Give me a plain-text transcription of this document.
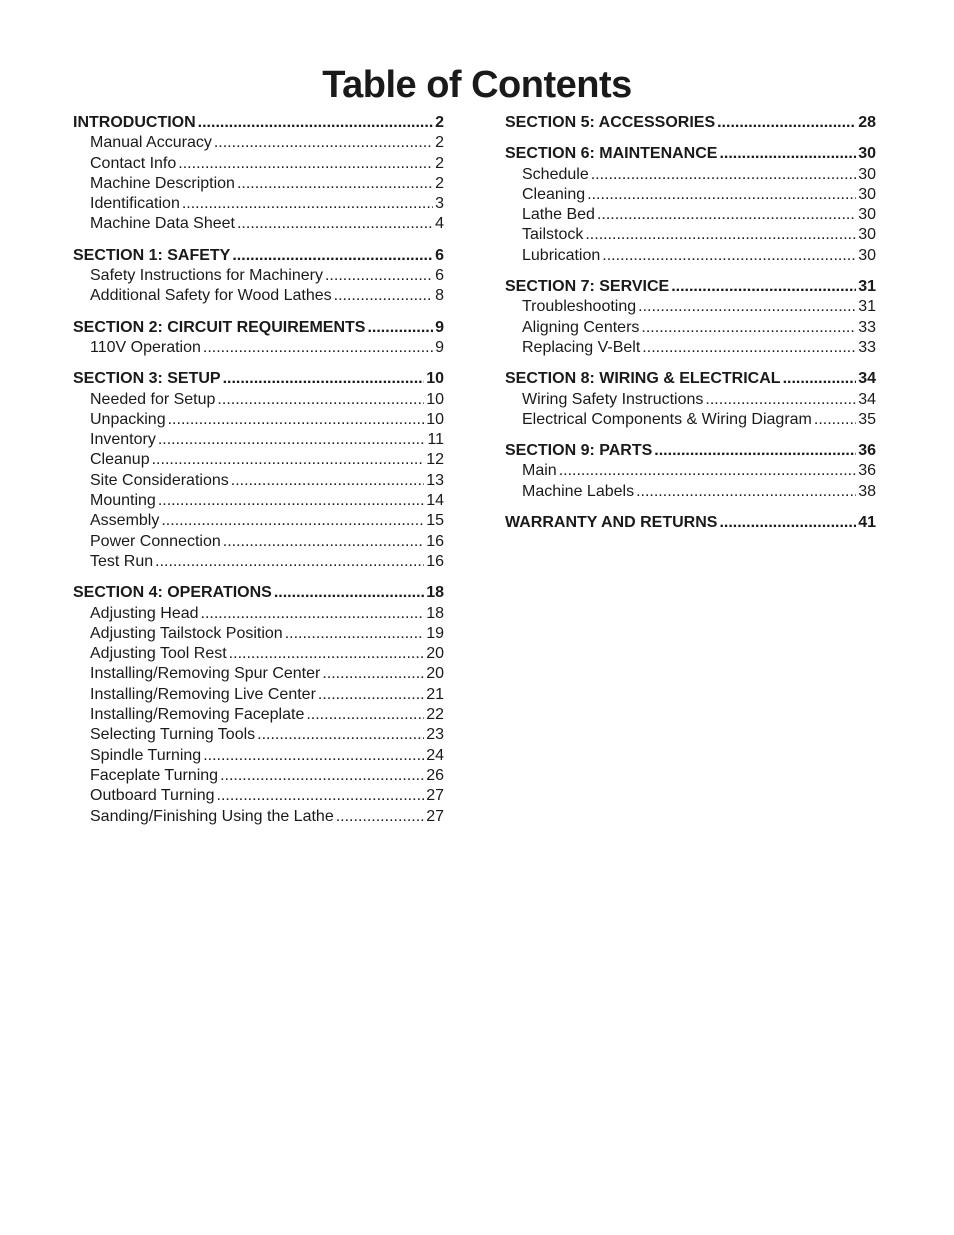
Table of Contents
INTRODUCTION .....	2
Manual Accuracy .....	2
Contact Info .....	2
Machine Description .....	2
Identification .....	3
Machine Data Sheet .....	4
SECTION 1: SAFETY .....	6
Safety Instructions for Machinery .....	6
Additional Safety for Wood Lathes .....	8
SECTION 2: CIRCUIT REQUIREMENTS .....	9
110V Operation .....	9
SECTION 3: SETUP .....	10
Needed for Setup .....	10
Unpacking .....	10
Inventory .....	11
Cleanup .....	12
Site Considerations .....	13
Mounting .....	14
Assembly .....	15
Power Connection .....	16
Test Run .....	16
SECTION 4: OPERATIONS .....	18
Adjusting Head .....	18
Adjusting Tailstock Position .....	19
Adjusting Tool Rest .....	20
Installing/Removing Spur Center .....	20
Installing/Removing Live Center .....	21
Installing/Removing Faceplate .....	22
Selecting Turning Tools .....	23
Spindle Turning .....	24
Faceplate Turning .....	26
Outboard Turning .....	27
Sanding/Finishing Using the Lathe .....	27
SECTION 5: ACCESSORIES .....	28
SECTION 6: MAINTENANCE .....	30
Schedule .....	30
Cleaning .....	30
Lathe Bed .....	30
Tailstock .....	30
Lubrication .....	30
SECTION 7: SERVICE .....	31
Troubleshooting .....	31
Aligning Centers .....	33
Replacing V-Belt .....	33
SECTION 8: WIRING & ELECTRICAL .....	34
Wiring Safety Instructions .....	34
Electrical Components & Wiring Diagram .....	35
SECTION 9: PARTS .....	36
Main .....	36
Machine Labels .....	38
WARRANTY AND RETURNS .....	41
